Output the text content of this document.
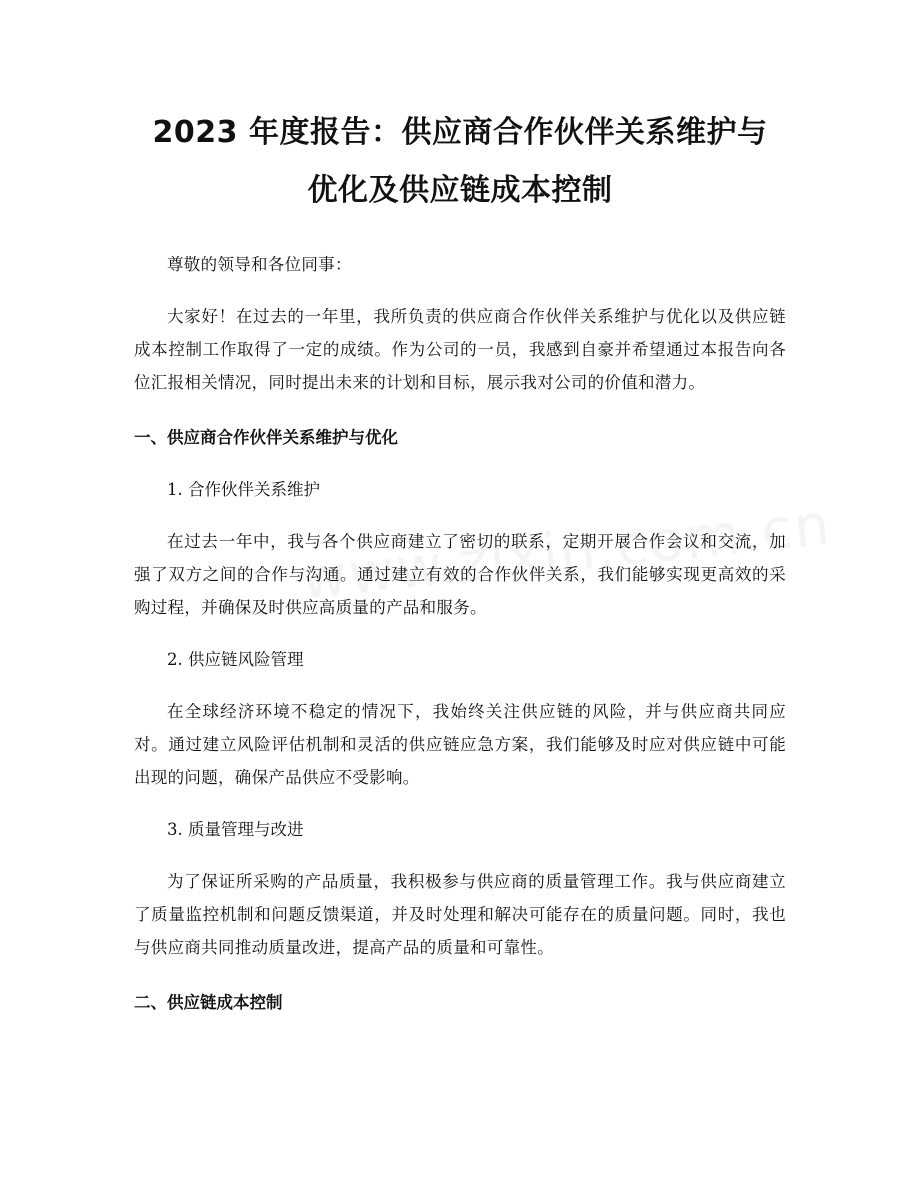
2023 年度报告：供应商合作伙伴关系维护与
优化及供应链成本控制

尊敬的领导和各位同事：

大家好！在过去的一年里，我所负责的供应商合作伙伴关系维护与优化以及供应链成本控制工作取得了一定的成绩。作为公司的一员，我感到自豪并希望通过本报告向各位汇报相关情况，同时提出未来的计划和目标，展示我对公司的价值和潜力。

一、供应商合作伙伴关系维护与优化

1. 合作伙伴关系维护

在过去一年中，我与各个供应商建立了密切的联系，定期开展合作会议和交流，加强了双方之间的合作与沟通。通过建立有效的合作伙伴关系，我们能够实现更高效的采购过程，并确保及时供应高质量的产品和服务。

2. 供应链风险管理

在全球经济环境不稳定的情况下，我始终关注供应链的风险，并与供应商共同应对。通过建立风险评估机制和灵活的供应链应急方案，我们能够及时应对供应链中可能出现的问题，确保产品供应不受影响。

3. 质量管理与改进

为了保证所采购的产品质量，我积极参与供应商的质量管理工作。我与供应商建立了质量监控机制和问题反馈渠道，并及时处理和解决可能存在的质量问题。同时，我也与供应商共同推动质量改进，提高产品的质量和可靠性。

二、供应链成本控制
